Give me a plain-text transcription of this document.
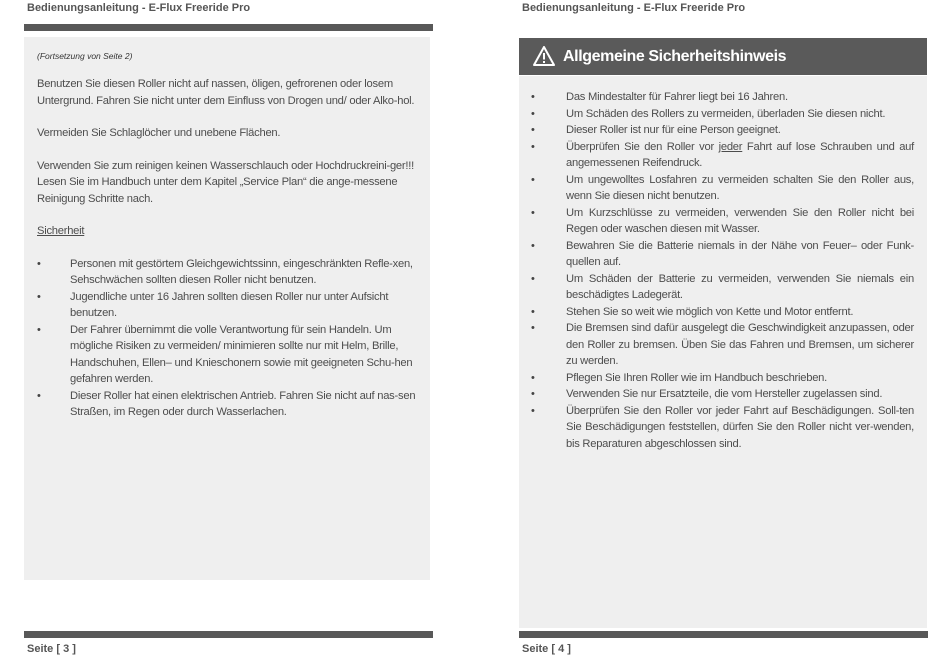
Bedienungsanleitung - E-Flux Freeride Pro
(Fortsetzung von Seite 2)

Benutzen Sie diesen Roller nicht auf nassen, öligen, gefrorenen oder losem Untergrund. Fahren Sie nicht unter dem Einfluss von Drogen und/ oder Alko-hol.

Vermeiden Sie Schlaglöcher und unebene Flächen.

Verwenden Sie zum reinigen keinen Wasserschlauch oder Hochdruckreini-ger!!! Lesen Sie im Handbuch unter dem Kapitel „Service Plan“ die ange-messene Reinigung Schritte nach.

Sicherheit
• Personen mit gestörtem Gleichgewichtssinn, eingeschränkten Refle-xen, Sehschwächen sollten diesen Roller nicht benutzen.
• Jugendliche unter 16 Jahren sollten diesen Roller nur unter Aufsicht benutzen.
• Der Fahrer übernimmt die volle Verantwortung für sein Handeln. Um mögliche Risiken zu vermeiden/ minimieren sollte nur mit Helm, Brille, Handschuhen, Ellen– und Knieschonern sowie mit geeigneten Schu-hen gefahren werden.
• Dieser Roller hat einen elektrischen Antrieb. Fahren Sie nicht auf nas-sen Straßen, im Regen oder durch Wasserlachen.
Seite [ 3 ]
Bedienungsanleitung - E-Flux Freeride Pro
Allgemeine Sicherheitshinweis
• Das Mindestalter für Fahrer liegt bei 16 Jahren.
• Um Schäden des Rollers zu vermeiden, überladen Sie diesen nicht.
• Dieser Roller ist nur für eine Person geeignet.
• Überprüfen Sie den Roller vor jeder Fahrt auf lose Schrauben und auf angemessenen Reifendruck.
• Um ungewolltes Losfahren zu vermeiden schalten Sie den Roller aus, wenn Sie diesen nicht benutzen.
• Um Kurzschlüsse zu vermeiden, verwenden Sie den Roller nicht bei Regen oder waschen diesen mit Wasser.
• Bewahren Sie die Batterie niemals in der Nähe von Feuer– oder Funk-quellen auf.
• Um Schäden der Batterie zu vermeiden, verwenden Sie niemals ein beschädigtes Ladegerät.
• Stehen Sie so weit wie möglich von Kette und Motor entfernt.
• Die Bremsen sind dafür ausgelegt die Geschwindigkeit anzupassen, oder den Roller zu bremsen. Üben Sie das Fahren und Bremsen, um sicherer zu werden.
• Pflegen Sie Ihren Roller wie im Handbuch beschrieben.
• Verwenden Sie nur Ersatzteile, die vom Hersteller zugelassen sind.
• Überprüfen Sie den Roller vor jeder Fahrt auf Beschädigungen. Soll-ten Sie Beschädigungen feststellen, dürfen Sie den Roller nicht ver-wenden, bis Reparaturen abgeschlossen sind.
Seite [ 4 ]
